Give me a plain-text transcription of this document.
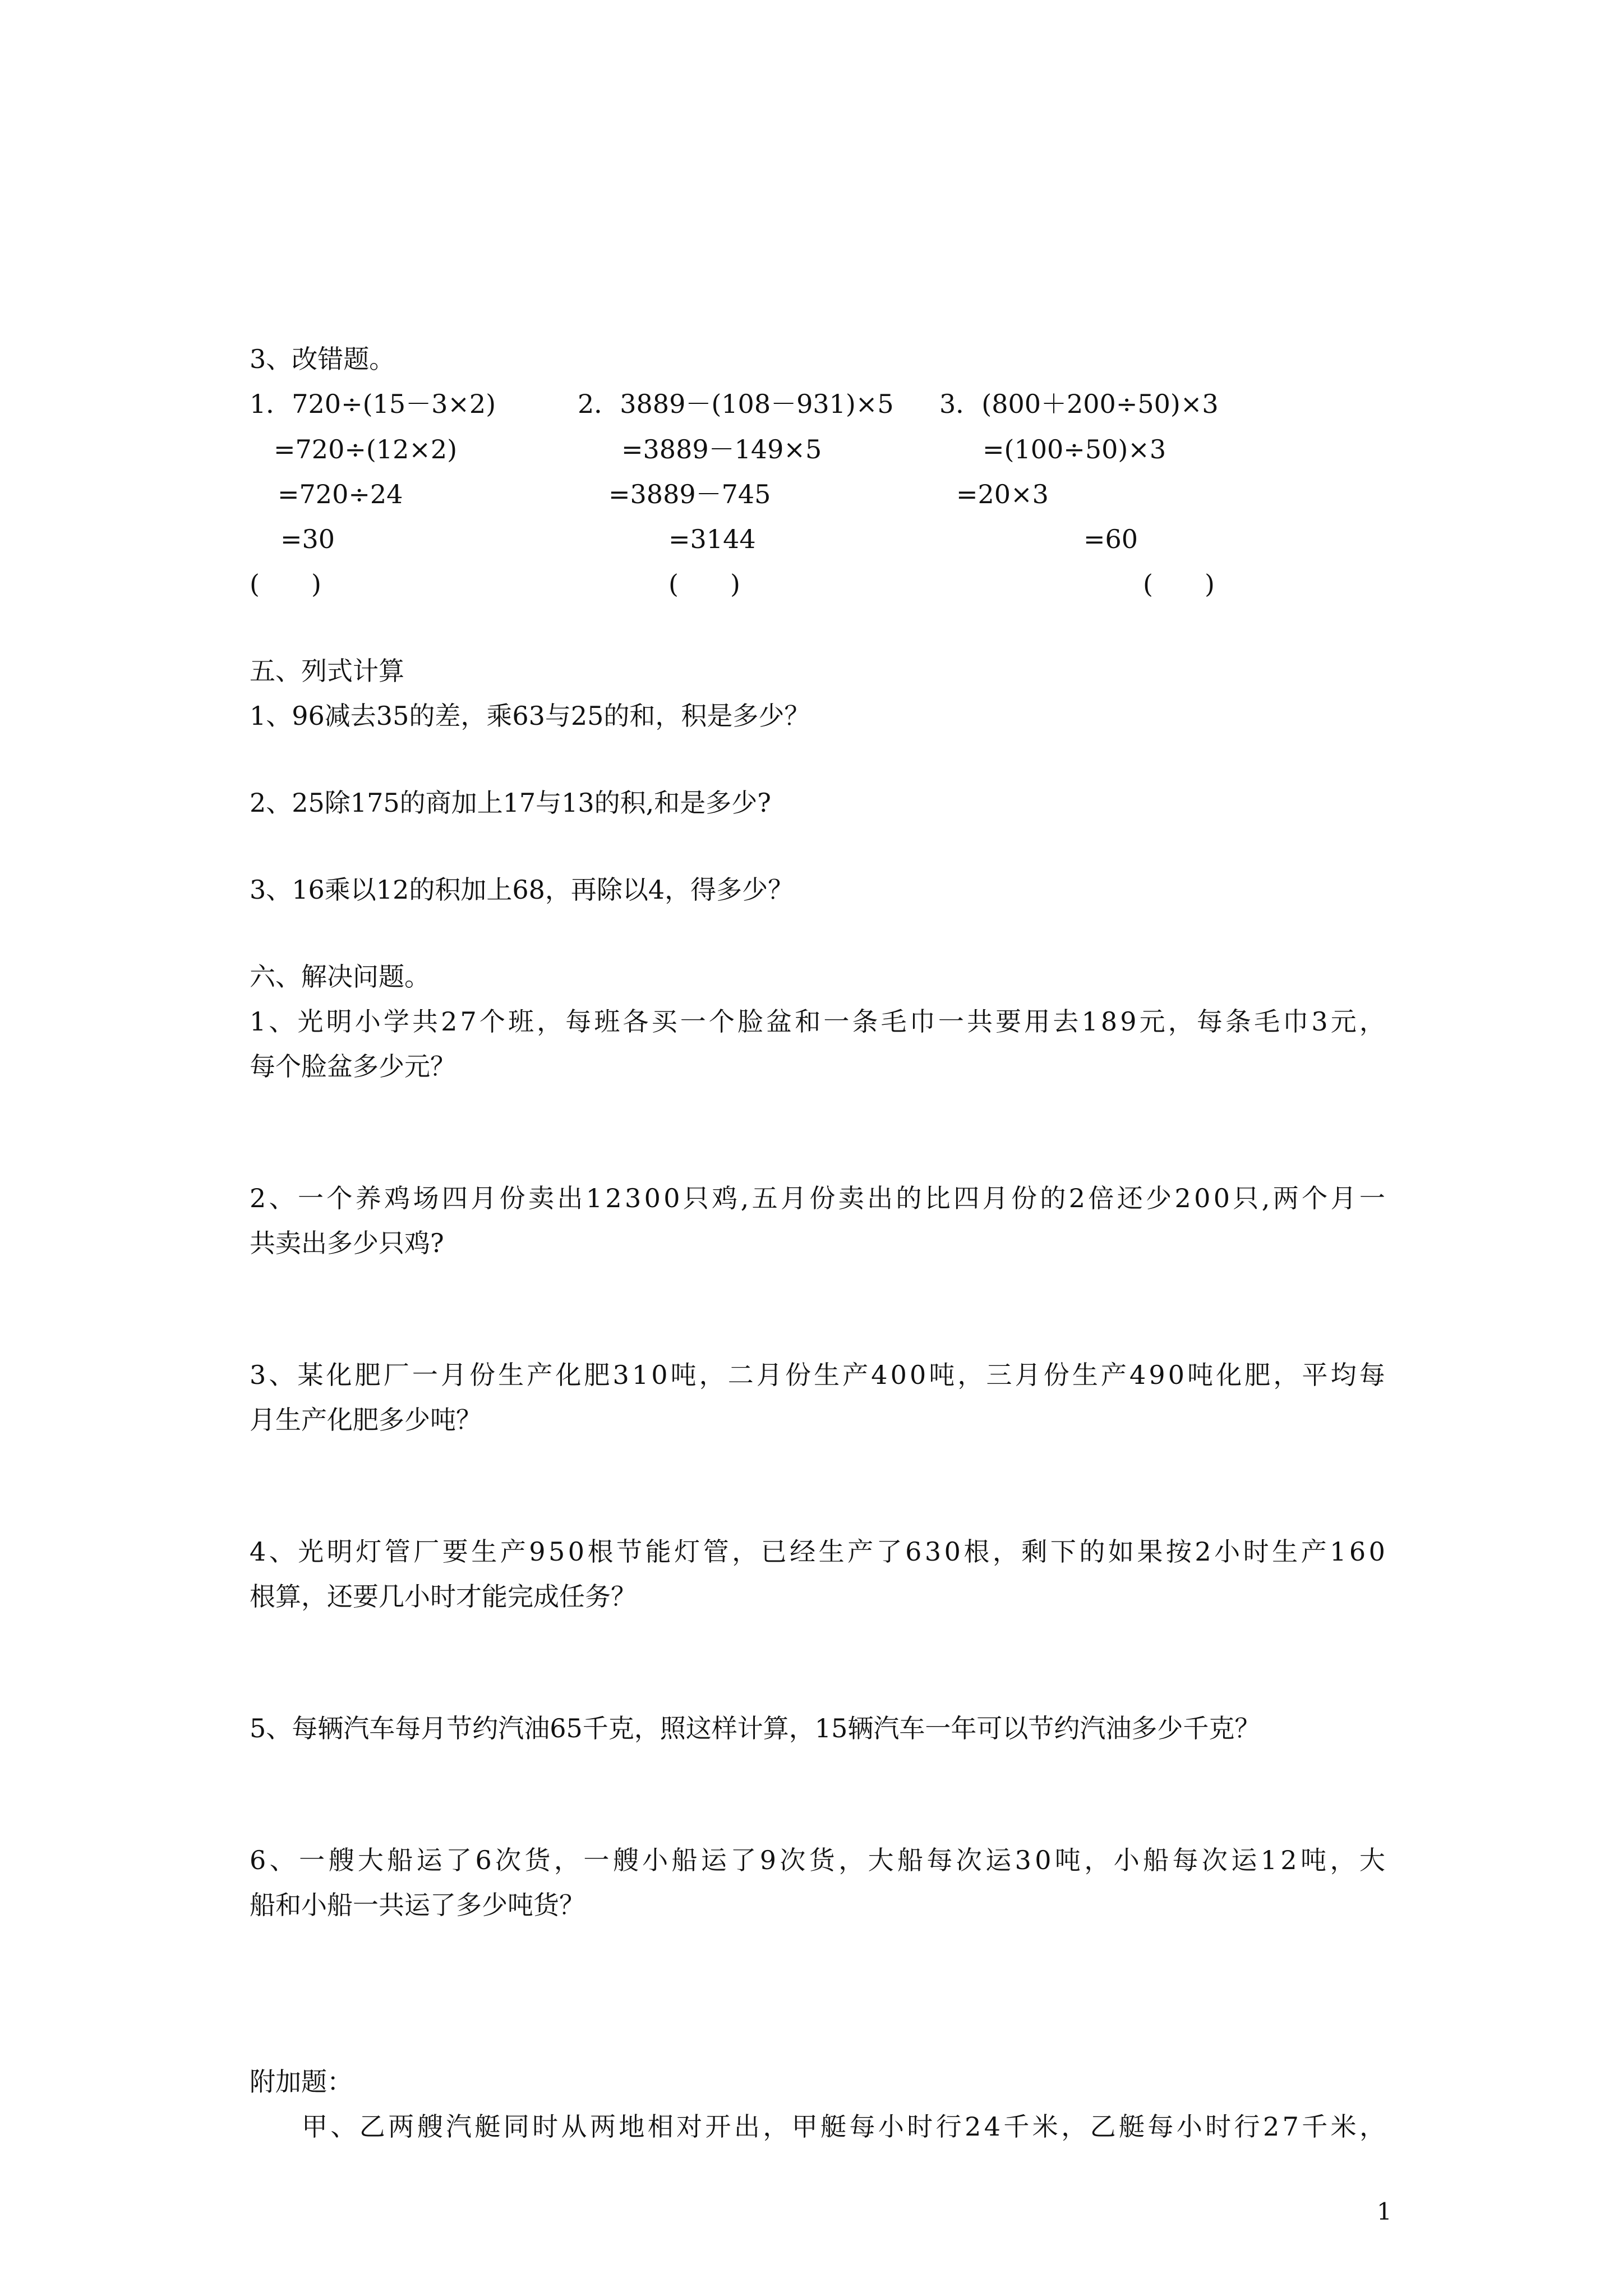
3、改错题。
1．720÷(15－3×2)	2．3889－(108－931)×5 3．(800＋200÷50)×3
=720÷(12×2)	=3889－149×5	=(100÷50)×3
=720÷24	=3889－745	=20×3
=30	=3144	=60
(　　)	(　　)	(　　)
五、列式计算
1、96减去35的差，乘63与25的和，积是多少？
2、25除175的商加上17与13的积,和是多少?
3、16乘以12的积加上68，再除以4，得多少？
六、解决问题。
1、光明小学共27个班，每班各买一个脸盆和一条毛巾一共要用去189元，每条毛巾3元，
每个脸盆多少元？
2、一个养鸡场四月份卖出12300只鸡,五月份卖出的比四月份的2倍还少200只,两个月一
共卖出多少只鸡?
3、某化肥厂一月份生产化肥310吨，二月份生产400吨，三月份生产490吨化肥，平均每
月生产化肥多少吨？
4、光明灯管厂要生产950根节能灯管，已经生产了630根，剩下的如果按2小时生产160
根算，还要几小时才能完成任务？
5、每辆汽车每月节约汽油65千克，照这样计算，15辆汽车一年可以节约汽油多少千克？
6、一艘大船运了6次货，一艘小船运了9次货，大船每次运30吨，小船每次运12吨，大
船和小船一共运了多少吨货？
附加题：
甲、乙两艘汽艇同时从两地相对开出，甲艇每小时行24千米，乙艇每小时行27千米，
1
